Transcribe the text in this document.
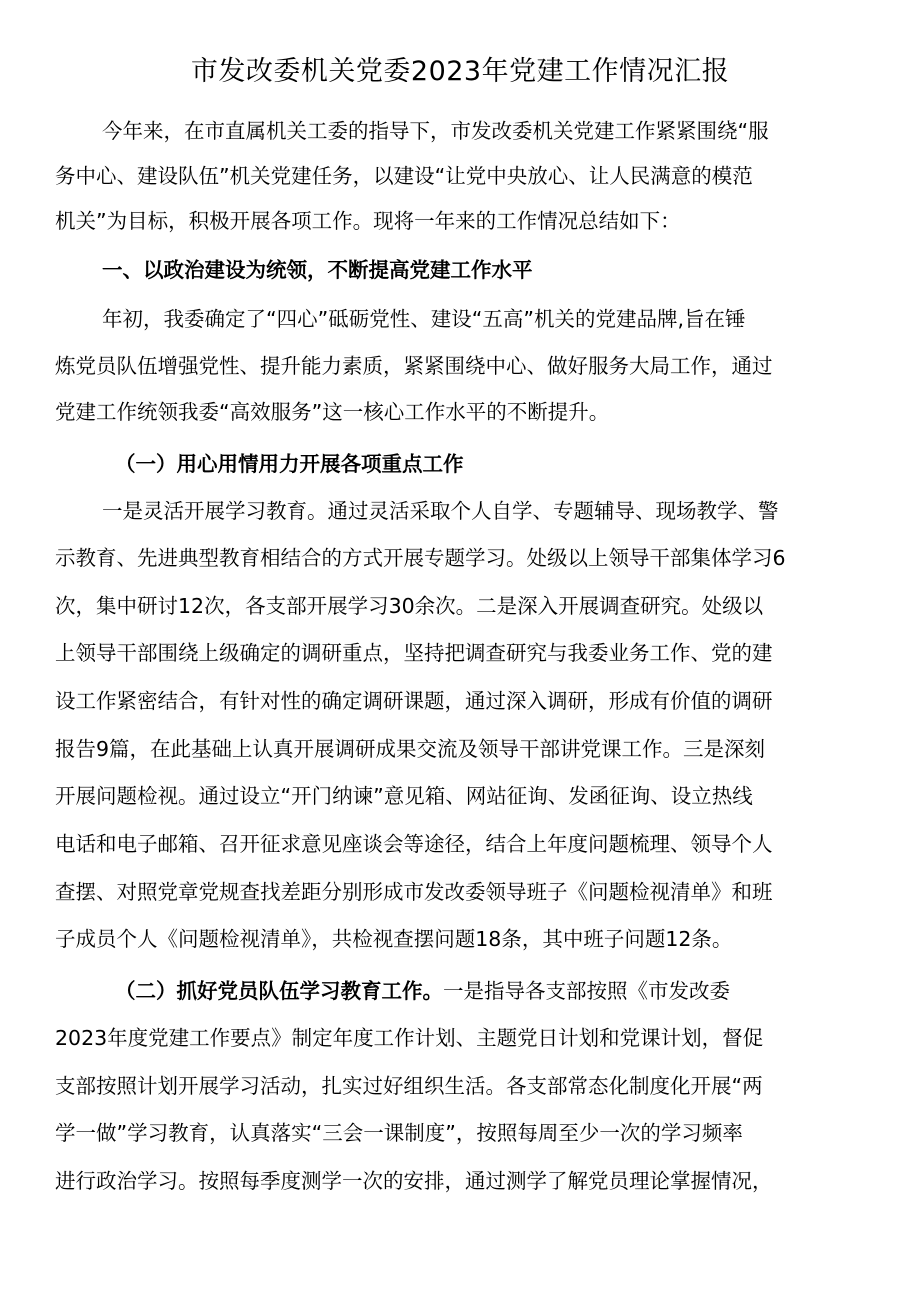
市发改委机关党委2023年党建工作情况汇报
今年来，在市直属机关工委的指导下，市发改委机关党建工作紧紧围绕“服
务中心、建设队伍”机关党建任务，以建设“让党中央放心、让人民满意的模范
机关”为目标，积极开展各项工作。现将一年来的工作情况总结如下：
一、以政治建设为统领，不断提高党建工作水平
年初，我委确定了“四心”砥砺党性、建设“五高”机关的党建品牌,旨在锤
炼党员队伍增强党性、提升能力素质，紧紧围绕中心、做好服务大局工作，通过
党建工作统领我委“高效服务”这一核心工作水平的不断提升。
（一）用心用情用力开展各项重点工作
一是灵活开展学习教育。通过灵活采取个人自学、专题辅导、现场教学、警
示教育、先进典型教育相结合的方式开展专题学习。处级以上领导干部集体学习6
次，集中研讨12次，各支部开展学习30余次。二是深入开展调查研究。处级以
上领导干部围绕上级确定的调研重点，坚持把调查研究与我委业务工作、党的建
设工作紧密结合，有针对性的确定调研课题，通过深入调研，形成有价值的调研
报告9篇，在此基础上认真开展调研成果交流及领导干部讲党课工作。三是深刻
开展问题检视。通过设立“开门纳谏”意见箱、网站征询、发函征询、设立热线
电话和电子邮箱、召开征求意见座谈会等途径，结合上年度问题梳理、领导个人
查摆、对照党章党规查找差距分别形成市发改委领导班子《问题检视清单》和班
子成员个人《问题检视清单》，共检视查摆问题18条，其中班子问题12条。
（二）抓好党员队伍学习教育工作。一是指导各支部按照《市发改委
2023年度党建工作要点》制定年度工作计划、主题党日计划和党课计划，督促
支部按照计划开展学习活动，扎实过好组织生活。各支部常态化制度化开展“两
学一做”学习教育，认真落实“三会一课制度”，按照每周至少一次的学习频率
进行政治学习。按照每季度测学一次的安排，通过测学了解党员理论掌握情况，
